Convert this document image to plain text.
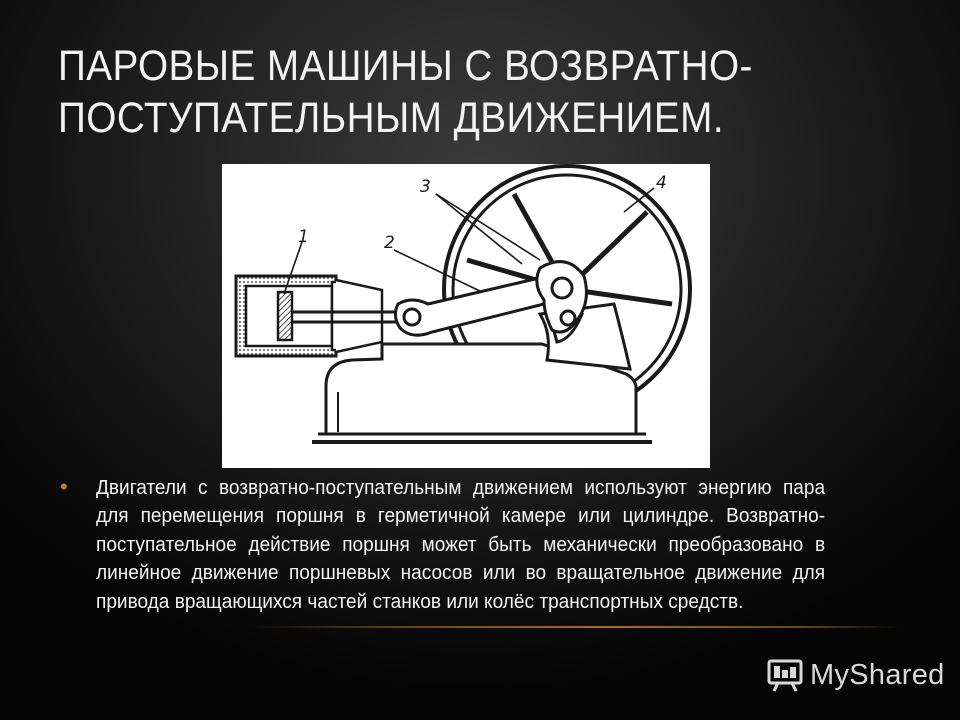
ПАРОВЫЕ МАШИНЫ С ВОЗВРАТНО-
ПОСТУПАТЕЛЬНЫМ ДВИЖЕНИЕМ.
1	2
3	4
• Двигатели с возвратно-поступательным движением используют энергию пара для перемещения поршня в герметичной камере или цилиндре. Возвратно-поступательное действие поршня может быть механически преобразовано в линейное движение поршневых насосов или во вращательное движение для привода вращающихся частей станков или колёс транспортных средств.

MyShared
